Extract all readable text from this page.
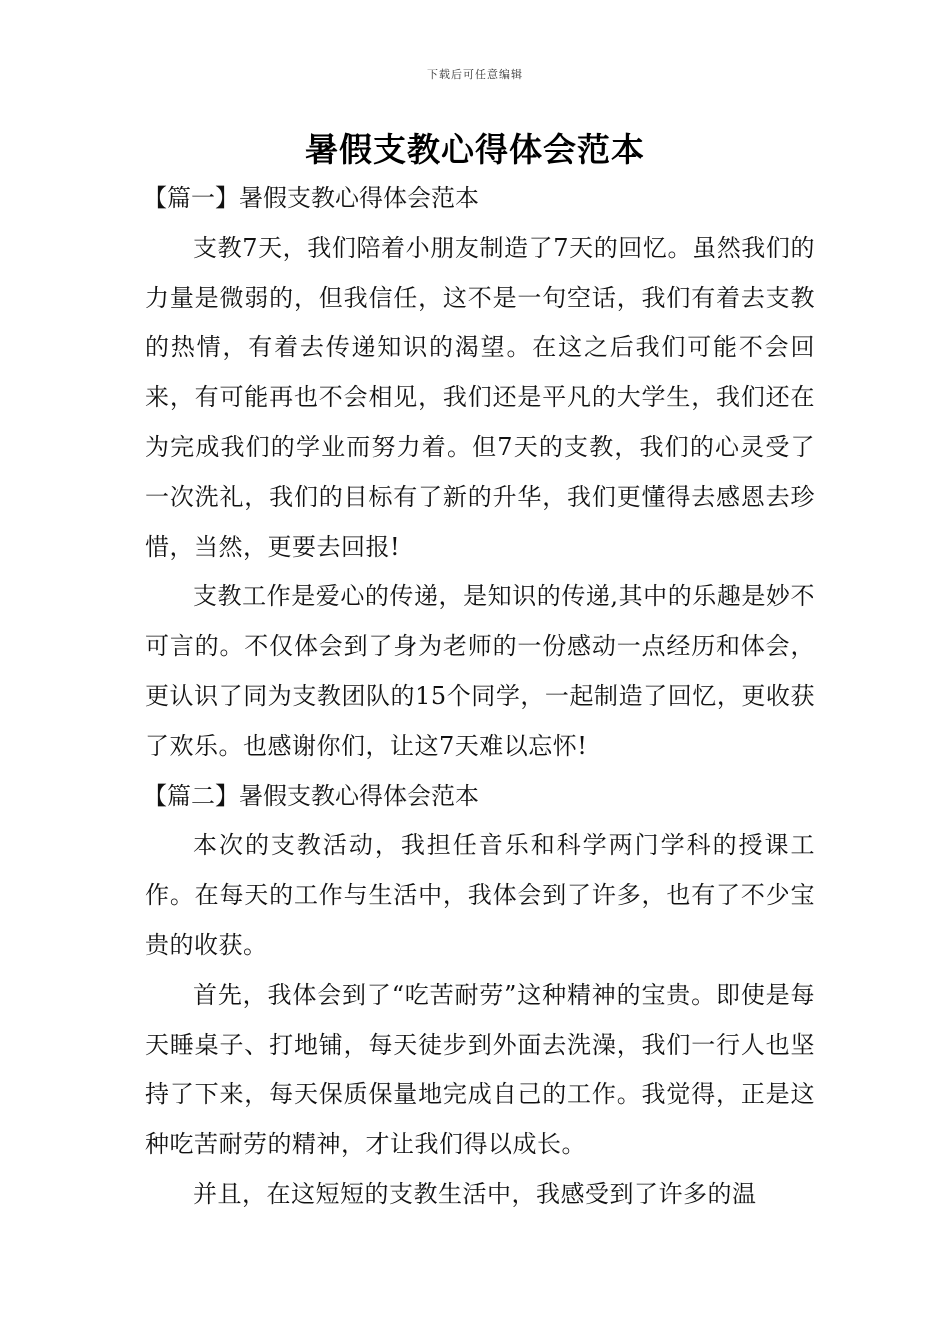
下载后可任意编辑
暑假支教心得体会范本
【篇一】暑假支教心得体会范本

支教7天，我们陪着小朋友制造了7天的回忆。虽然我们的力量是微弱的，但我信任，这不是一句空话，我们有着去支教的热情，有着去传递知识的渴望。在这之后我们可能不会回来，有可能再也不会相见，我们还是平凡的大学生，我们还在为完成我们的学业而努力着。但7天的支教，我们的心灵受了一次洗礼，我们的目标有了新的升华，我们更懂得去感恩去珍惜，当然，更要去回报!

支教工作是爱心的传递，是知识的传递,其中的乐趣是妙不可言的。不仅体会到了身为老师的一份感动一点经历和体会，更认识了同为支教团队的15个同学，一起制造了回忆，更收获了欢乐。也感谢你们，让这7天难以忘怀!

【篇二】暑假支教心得体会范本

本次的支教活动，我担任音乐和科学两门学科的授课工作。在每天的工作与生活中，我体会到了许多，也有了不少宝贵的收获。

首先，我体会到了“吃苦耐劳”这种精神的宝贵。即使是每天睡桌子、打地铺，每天徒步到外面去洗澡，我们一行人也坚持了下来，每天保质保量地完成自己的工作。我觉得，正是这种吃苦耐劳的精神，才让我们得以成长。

并且，在这短短的支教生活中，我感受到了许多的温
